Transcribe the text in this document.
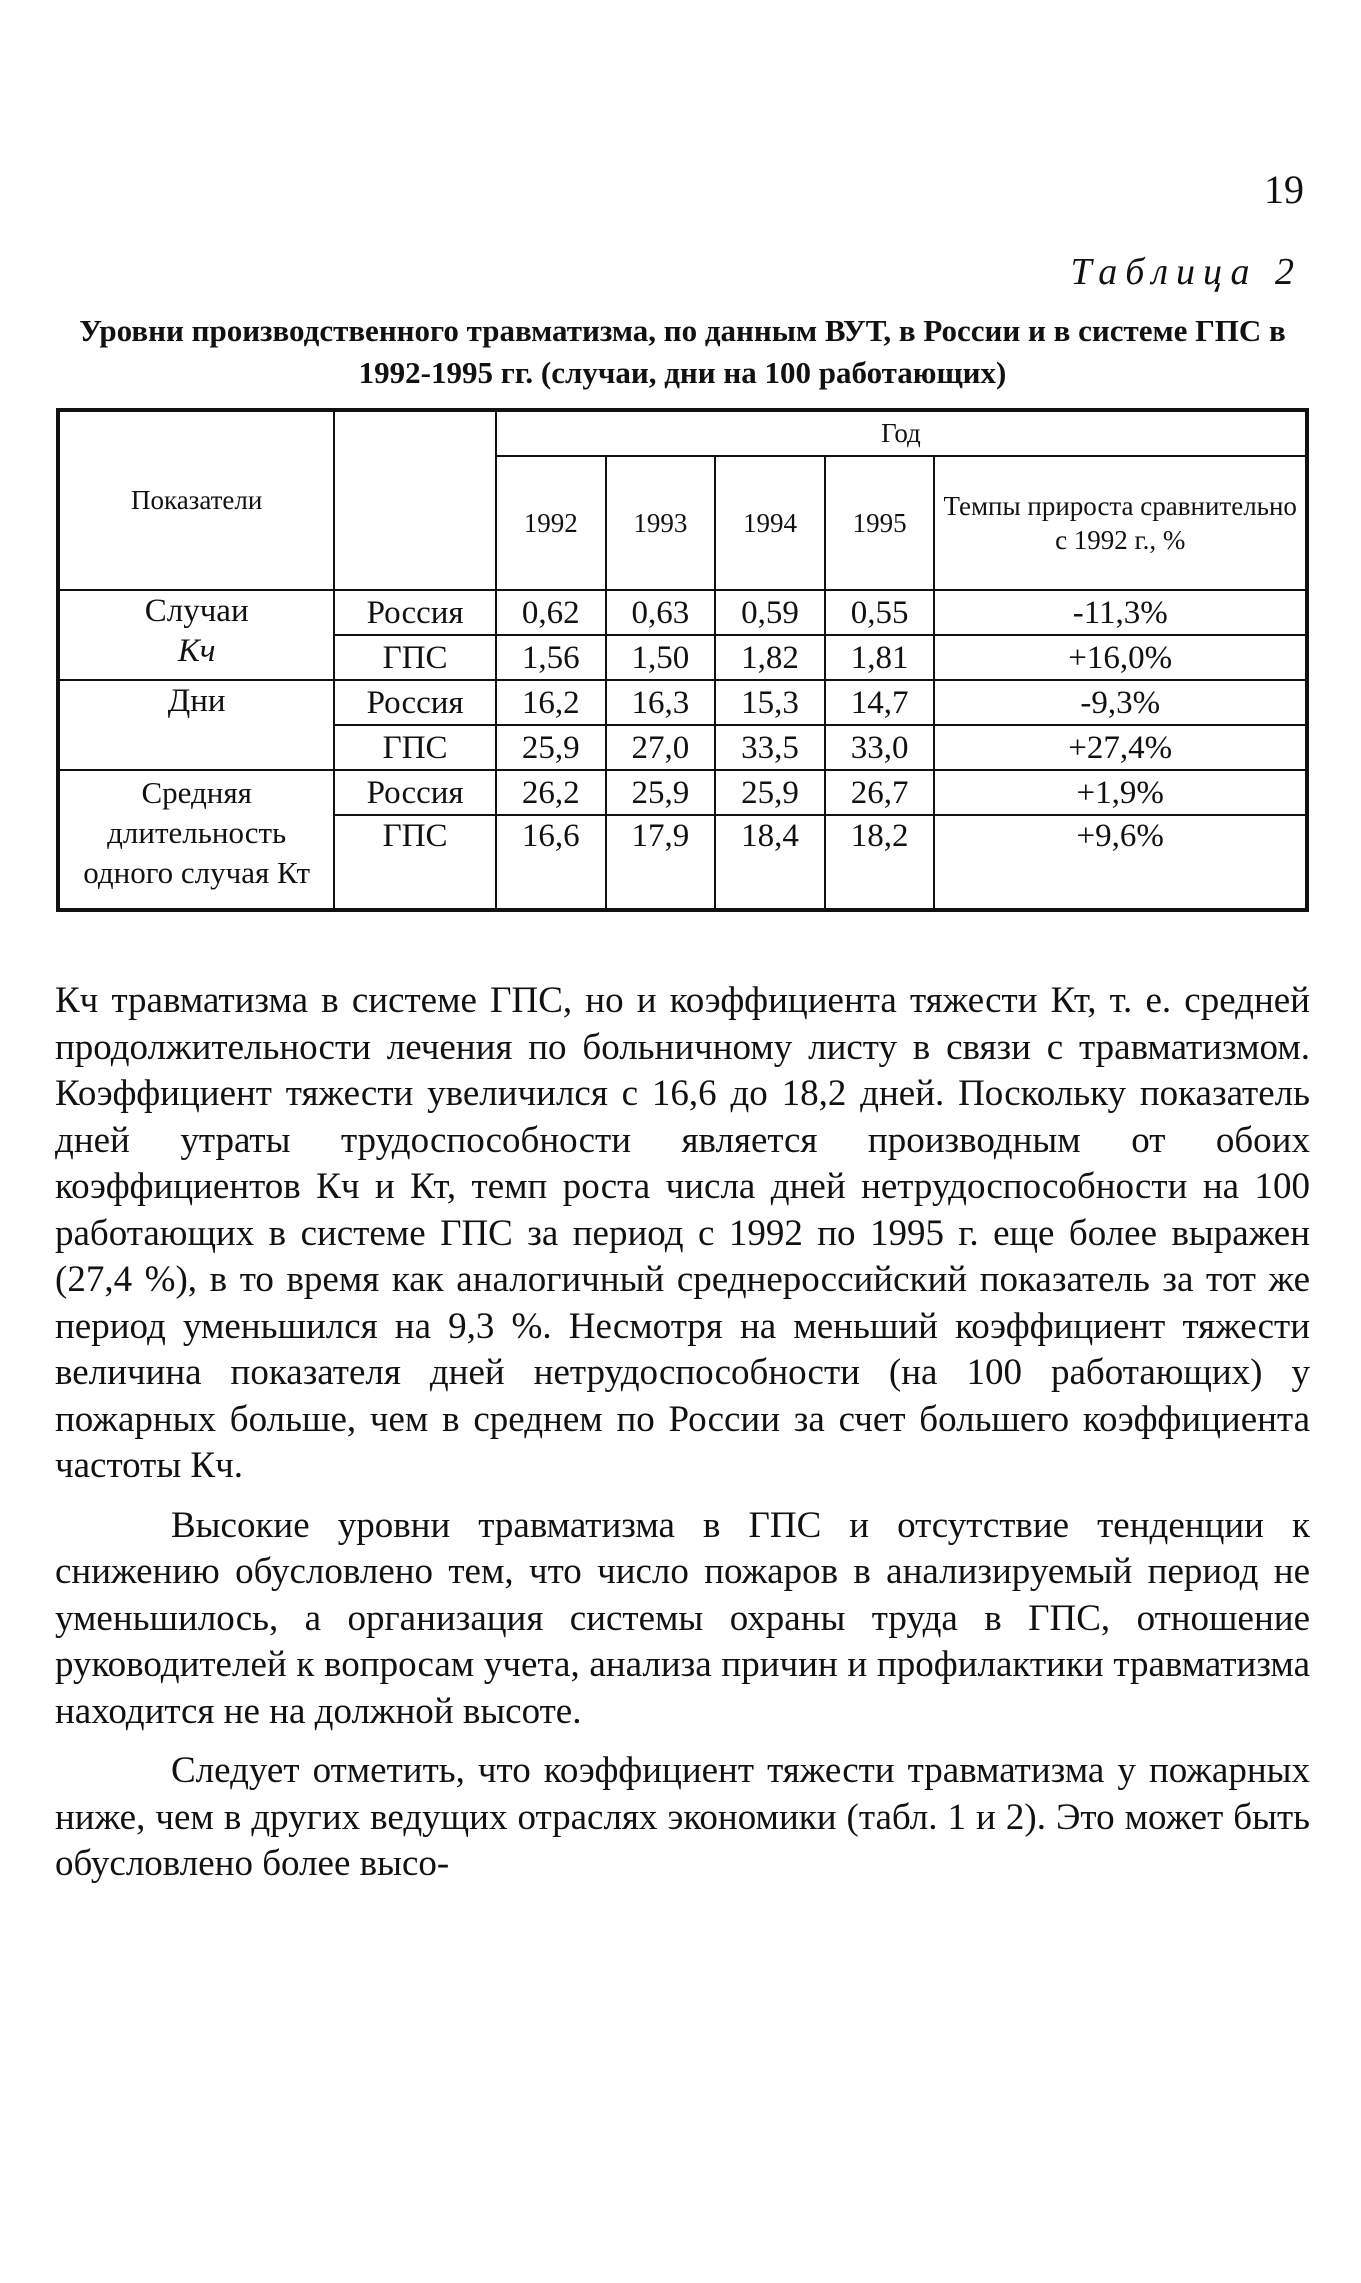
19
Таблица 2
Уровни производственного травматизма, по данным ВУТ, в России и в системе ГПС в 1992-1995 гг. (случаи, дни на 100 работающих)
Показатели		Год				
		1992	1993	1994	1995	Темпы прироста сравнительно с 1992 г., %

Случаи
Кч	Россия	0,62	0,63	0,59	0,55	-11,3%
	ГПС	1,56	1,50	1,82	1,81	+16,0%

Дни	Россия	16,2	16,3	15,3	14,7	-9,3%
	ГПС	25,9	27,0	33,5	33,0	+27,4%

Средняя длительность одного случая Кт	Россия	26,2	25,9	25,9	26,7	+1,9%
	ГПС	16,6	17,9	18,4	18,2	+9,6%

Кч травматизма в системе ГПС, но и коэффициента тяжести Кт, т. е. средней продолжительности лечения по больничному листу в связи с травматизмом. Коэффициент тяжести увеличился с 16,6 до 18,2 дней. Поскольку показатель дней утраты трудоспособности является производным от обоих коэффициентов Кч и Кт, темп роста числа дней нетрудоспособности на 100 работающих в системе ГПС за период с 1992 по 1995 г. еще более выражен (27,4 %), в то время как аналогичный среднероссийский показатель за тот же период уменьшился на 9,3 %. Несмотря на меньший коэффициент тяжести величина показателя дней нетрудоспособности (на 100 работающих) у пожарных больше, чем в среднем по России за счет большего коэффициента частоты Кч.

Высокие уровни травматизма в ГПС и отсутствие тенденции к снижению обусловлено тем, что число пожаров в анализируемый период не уменьшилось, а организация системы охраны труда в ГПС, отношение руководителей к вопросам учета, анализа причин и профилактики травматизма находится не на должной высоте.

Следует отметить, что коэффициент тяжести травматизма у пожарных ниже, чем в других ведущих отраслях экономики (табл. 1 и 2). Это может быть обусловлено более высо-
